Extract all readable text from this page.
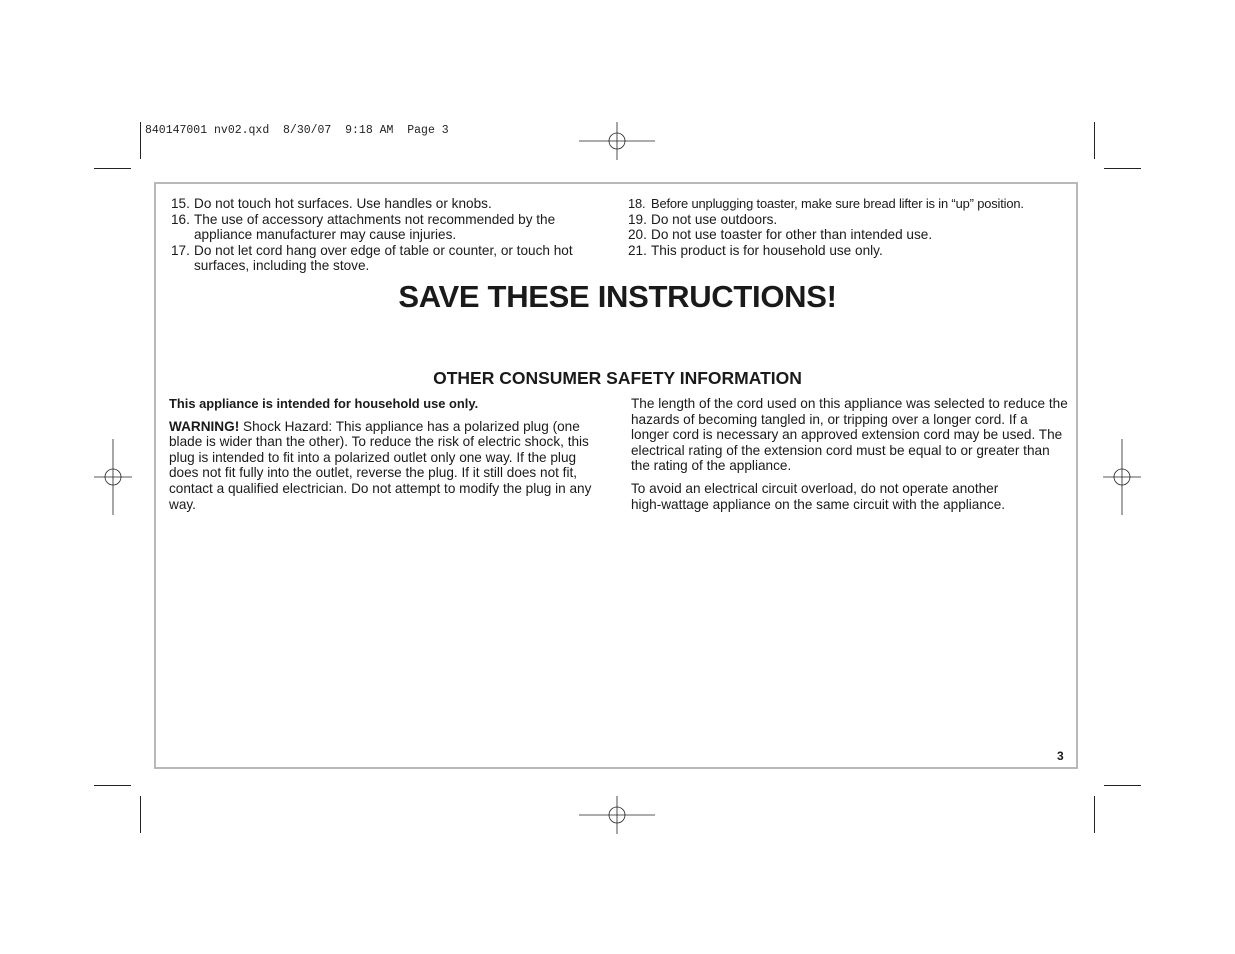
840147001 nv02.qxd  8/30/07  9:18 AM  Page 3
15. Do not touch hot surfaces. Use handles or knobs.
16. The use of accessory attachments not recommended by the appliance manufacturer may cause injuries.
17. Do not let cord hang over edge of table or counter, or touch hot surfaces, including the stove.
18. Before unplugging toaster, make sure bread lifter is in “up” position.
19. Do not use outdoors.
20. Do not use toaster for other than intended use.
21. This product is for household use only.
SAVE THESE INSTRUCTIONS!
OTHER CONSUMER SAFETY INFORMATION

This appliance is intended for household use only.

WARNING! Shock Hazard: This appliance has a polarized plug (one blade is wider than the other). To reduce the risk of electric shock, this plug is intended to fit into a polarized outlet only one way. If the plug does not fit fully into the outlet, reverse the plug. If it still does not fit, contact a qualified electrician. Do not attempt to modify the plug in any way.

The length of the cord used on this appliance was selected to reduce the hazards of becoming tangled in, or tripping over a longer cord. If a longer cord is necessary an approved extension cord may be used. The electrical rating of the extension cord must be equal to or greater than the rating of the appliance.

To avoid an electrical circuit overload, do not operate another high-wattage appliance on the same circuit with the appliance.

3
